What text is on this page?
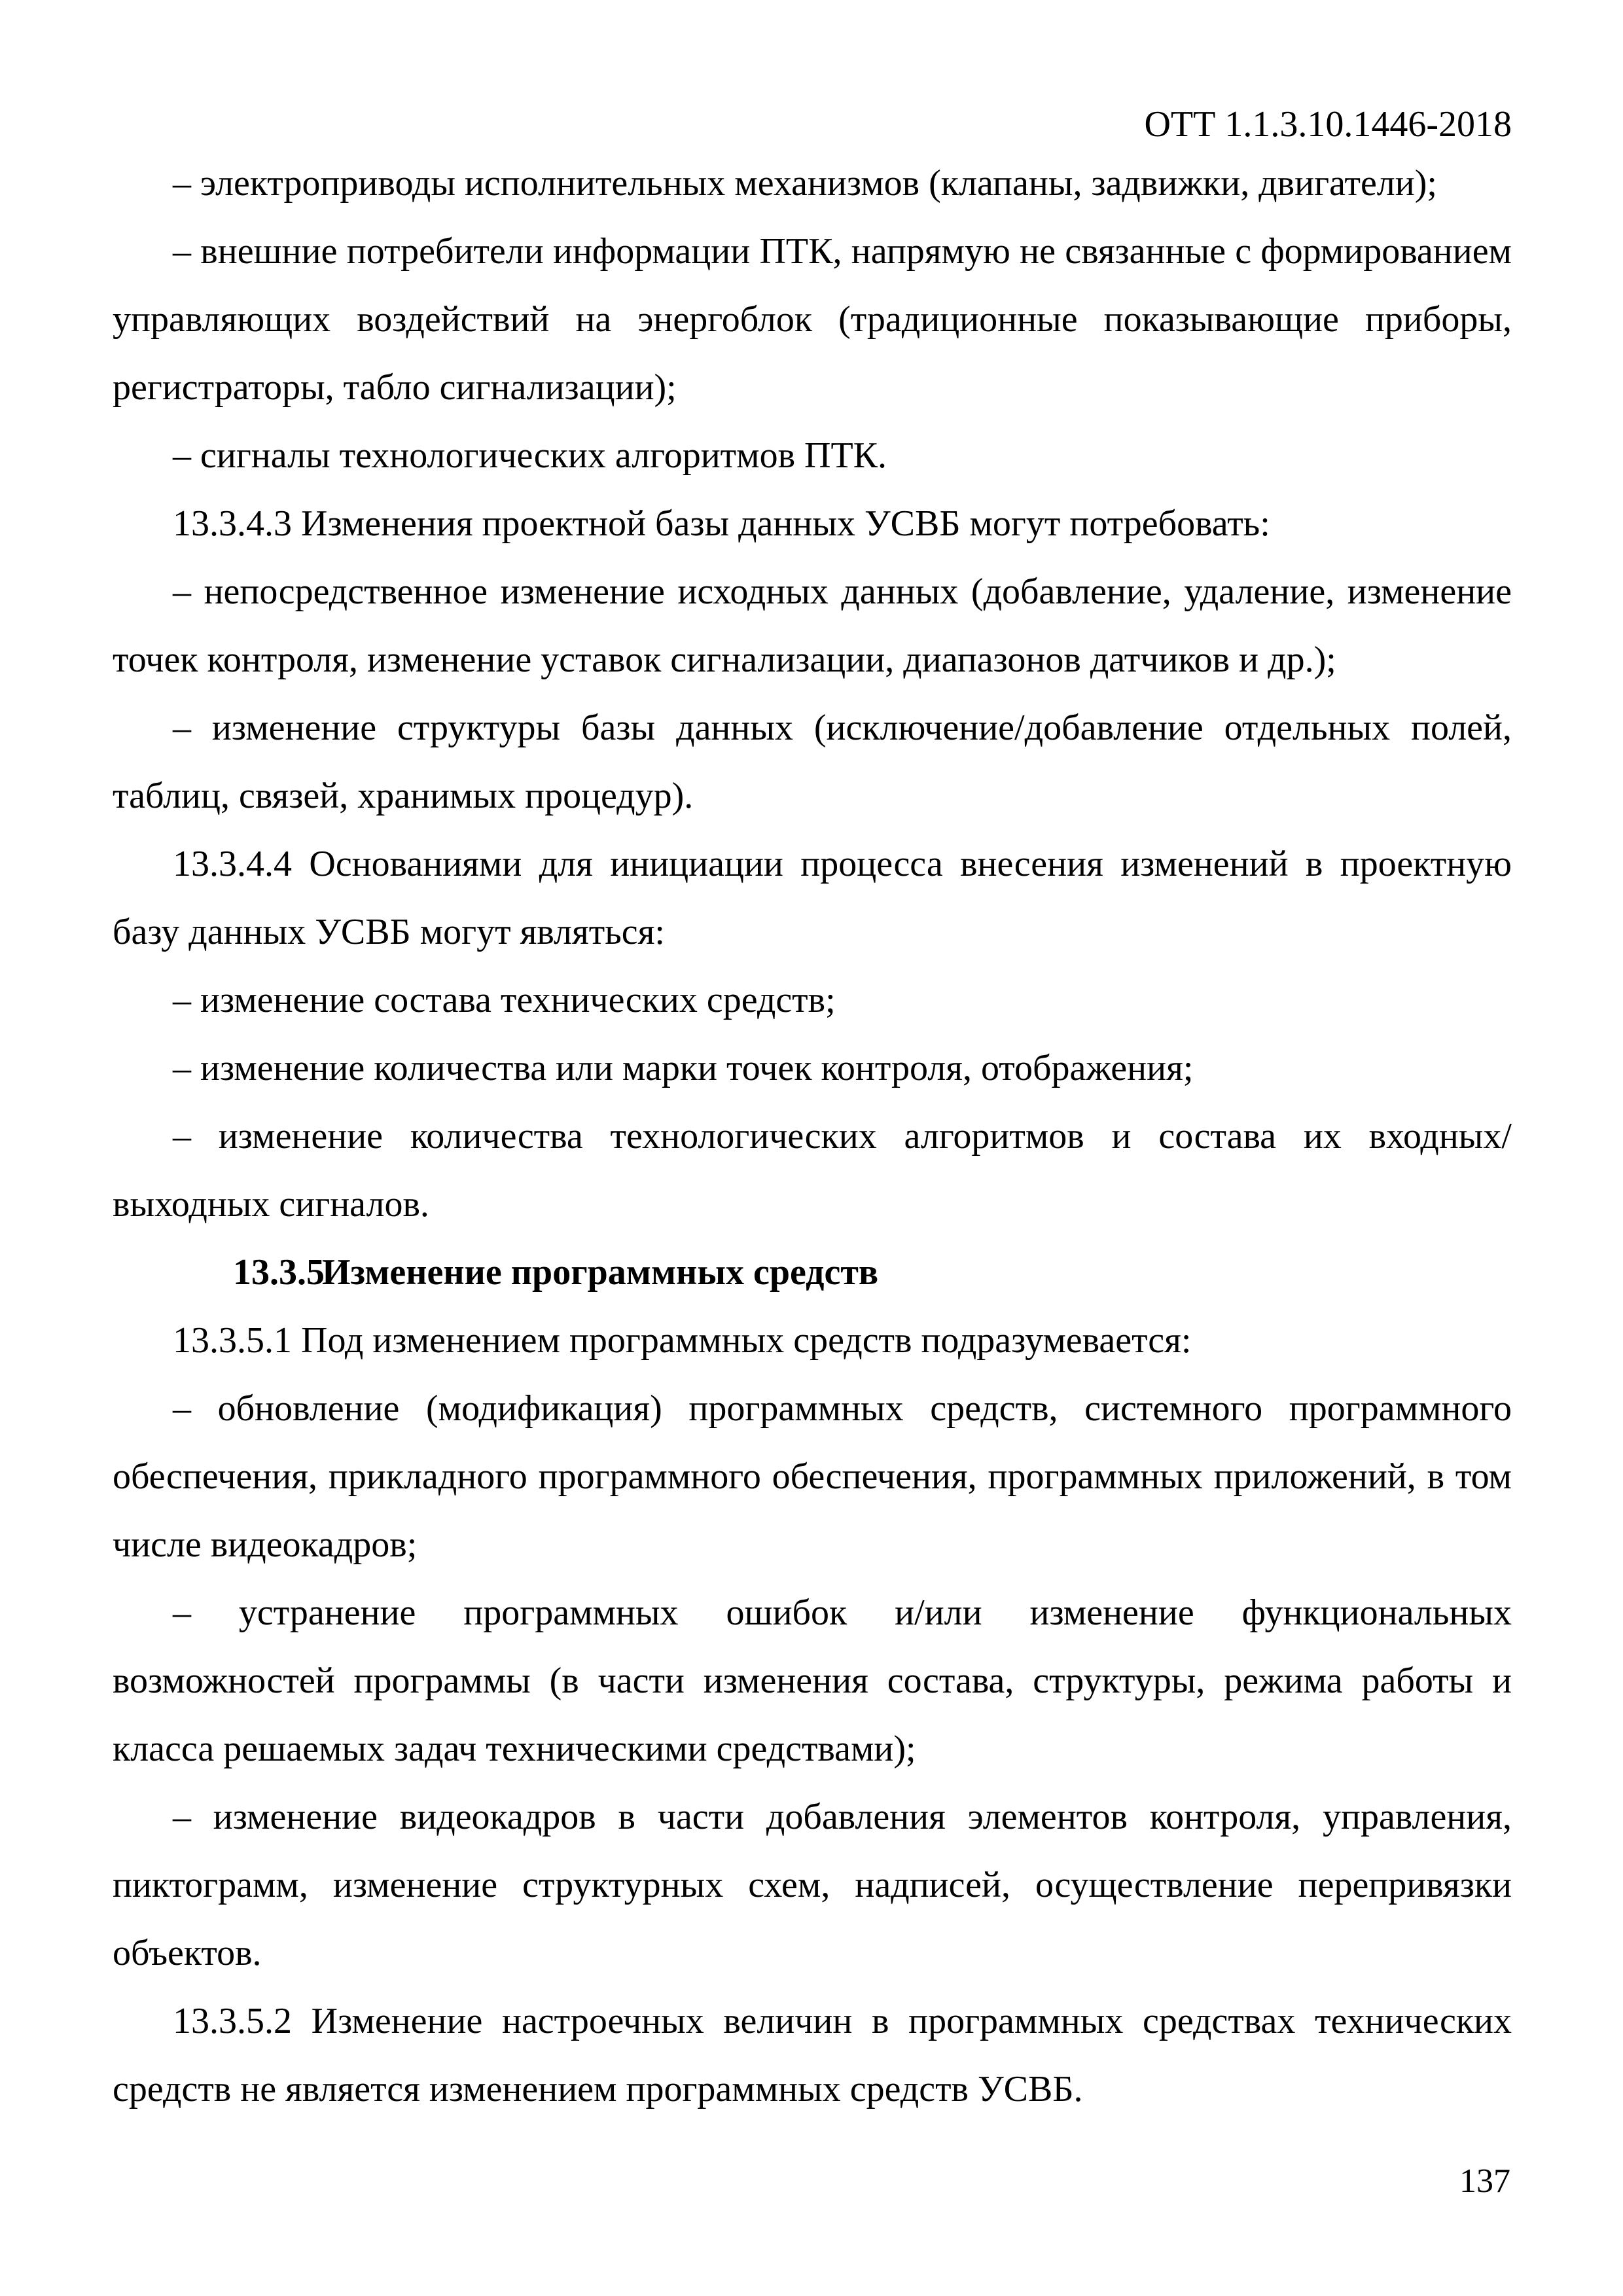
ОТТ 1.1.3.10.1446-2018

– электроприводы исполнительных механизмов (клапаны, задвижки, двигатели);

– внешние потребители информации ПТК, напрямую не связанные с формированием управляющих воздействий на энергоблок (традиционные показывающие приборы, регистраторы, табло сигнализации);

– сигналы технологических алгоритмов ПТК.

13.3.4.3 Изменения проектной базы данных УСВБ могут потребовать:

– непосредственное изменение исходных данных (добавление, удаление, изменение точек контроля, изменение уставок сигнализации, диапазонов датчиков и др.);

– изменение структуры базы данных (исключение/добавление отдельных полей, таблиц, связей, хранимых процедур).

13.3.4.4 Основаниями для инициации процесса внесения изменений в проектную базу данных УСВБ могут являться:

– изменение состава технических средств;

– изменение количества или марки точек контроля, отображения;

– изменение количества технологических алгоритмов и состава их входных/выходных сигналов.

13.3.5Изменение программных средств

13.3.5.1 Под изменением программных средств подразумевается:

– обновление (модификация) программных средств, системного программного обеспечения, прикладного программного обеспечения, программных приложений, в том числе видеокадров;

– устранение программных ошибок и/или изменение функциональных возможностей программы (в части изменения состава, структуры, режима работы и класса решаемых задач техническими средствами);

– изменение видеокадров в части добавления элементов контроля, управления, пиктограмм, изменение структурных схем, надписей, осуществление перепривязки объектов.

13.3.5.2 Изменение настроечных величин в программных средствах технических средств не является изменением программных средств УСВБ.

137
